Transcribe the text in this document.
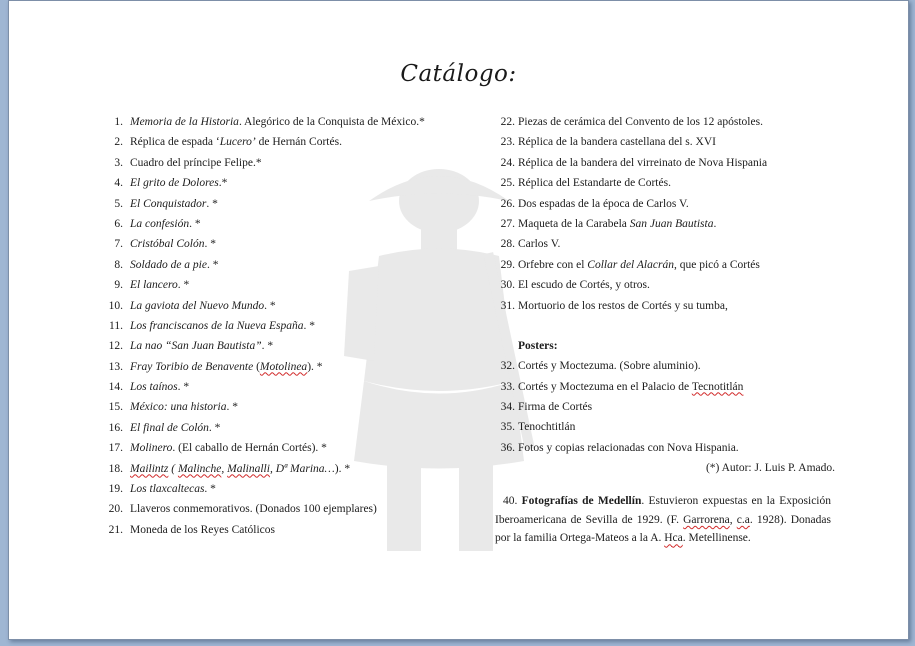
Catálogo:
1. Memoria de la Historia. Alegórico de la Conquista de México.*
2. Réplica de espada ‘Lucero’ de Hernán Cortés.
3. Cuadro del príncipe Felipe.*
4. El grito de Dolores.*
5. El Conquistador. *
6. La confesión. *
7. Cristóbal Colón. *
8. Soldado de a pie. *
9. El lancero. *
10. La gaviota del Nuevo Mundo. *
11. Los franciscanos de la Nueva España. *
12. La nao “San Juan Bautista”. *
13. Fray Toribio de Benavente (Motolinea). *
14. Los taínos. *
15. México: una historia. *
16. El final de Colón. *
17. Molinero. (El caballo de Hernán Cortés). *
18. Mailintz ( Malinche, Malinalli, Dª Marina…). *
19. Los tlaxcaltecas. *
20. Llaveros conmemorativos. (Donados 100 ejemplares)
21. Moneda de los Reyes Católicos
22. Piezas de cerámica del Convento de los 12 apóstoles.
23. Réplica de la bandera castellana del s. XVI
24. Réplica de la bandera del virreinato de Nova Hispania
25. Réplica del Estandarte de Cortés.
26. Dos espadas de la época de Carlos V.
27. Maqueta de la Carabela San Juan Bautista.
28. Carlos V.
29. Orfebre con el Collar del Alacrán, que picó a Cortés
30. El escudo de Cortés, y otros.
31. Mortuorio de los restos de Cortés y su tumba,
Posters:
32. Cortés y Moctezuma. (Sobre aluminio).
33. Cortés y Moctezuma en el Palacio de Tecnotitlán
34. Firma de Cortés
35. Tenochtitlán
36. Fotos y copias relacionadas con Nova Hispania.
(*) Autor: J. Luis P. Amado.
40. Fotografías de Medellín. Estuvieron expuestas en la Exposición Iberoamericana de Sevilla de 1929. (F. Garrorena, c.a. 1928). Donadas por la familia Ortega-Mateos a la A. Hca. Metellinense.
